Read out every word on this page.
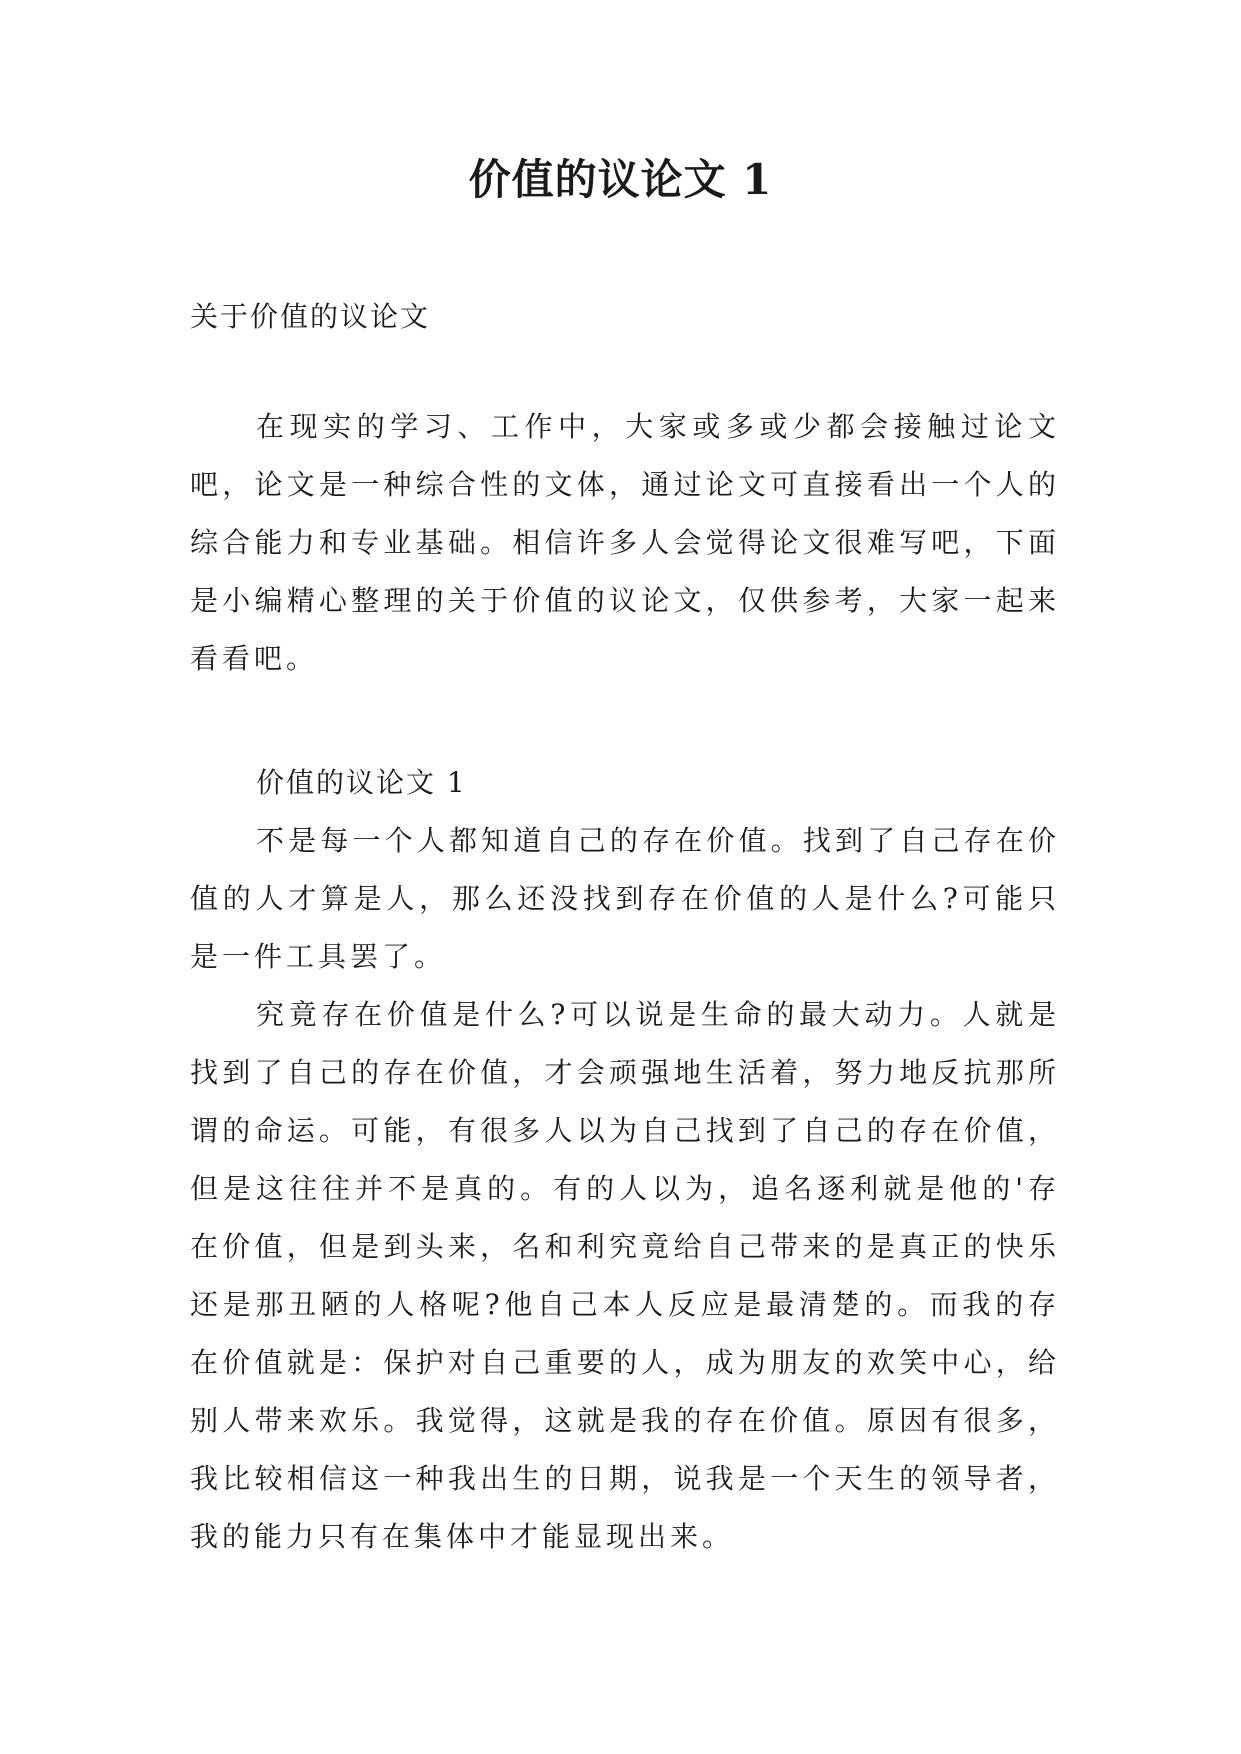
价值的议论文 1

关于价值的议论文

在现实的学习、工作中，大家或多或少都会接触过论文吧，论文是一种综合性的文体，通过论文可直接看出一个人的综合能力和专业基础。相信许多人会觉得论文很难写吧，下面是小编精心整理的关于价值的议论文，仅供参考，大家一起来看看吧。

价值的议论文 1

不是每一个人都知道自己的存在价值。找到了自己存在价值的人才算是人，那么还没找到存在价值的人是什么?可能只是一件工具罢了。

究竟存在价值是什么?可以说是生命的最大动力。人就是找到了自己的存在价值，才会顽强地生活着，努力地反抗那所谓的命运。可能，有很多人以为自己找到了自己的存在价值，但是这往往并不是真的。有的人以为，追名逐利就是他的'存在价值，但是到头来，名和利究竟给自己带来的是真正的快乐还是那丑陋的人格呢?他自己本人反应是最清楚的。而我的存在价值就是：保护对自己重要的人，成为朋友的欢笑中心，给别人带来欢乐。我觉得，这就是我的存在价值。原因有很多，我比较相信这一种我出生的日期，说我是一个天生的领导者，我的能力只有在集体中才能显现出来。
